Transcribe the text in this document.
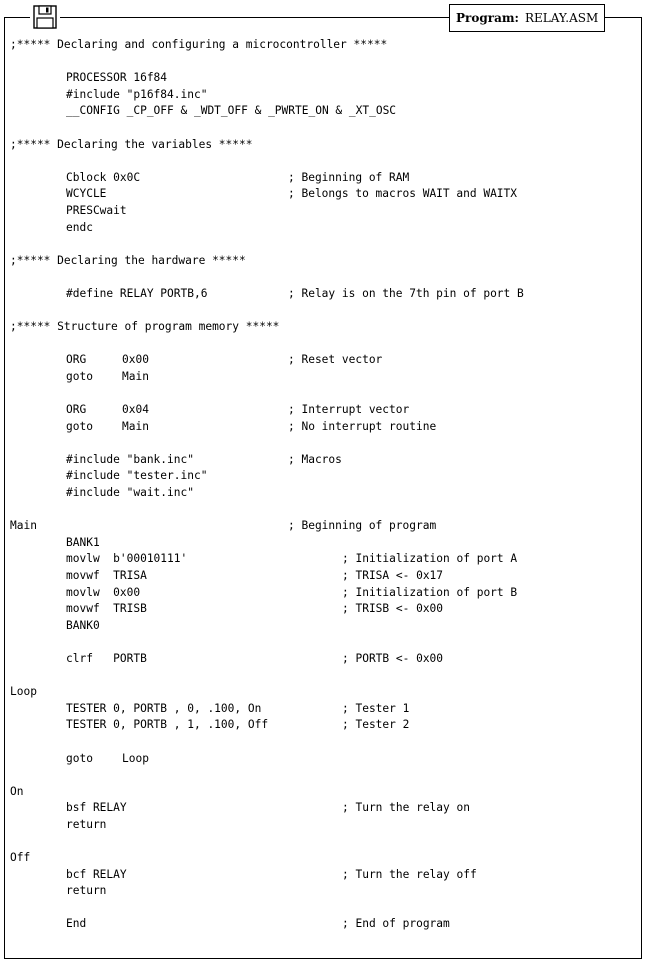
Program: RELAY.ASM
;***** Declaring and configuring a microcontroller *****
PROCESSOR 16f84
#include "p16f84.inc"
__CONFIG _CP_OFF & _WDT_OFF & _PWRTE_ON & _XT_OSC
;***** Declaring the variables *****
Cblock 0x0C	; Beginning of RAM
WCYCLE	; Belongs to macros WAIT and WAITX
PRESCwait
endc
;***** Declaring the hardware *****
#define RELAY PORTB,6	; Relay is on the 7th pin of port B
;***** Structure of program memory *****
ORG	0x00	; Reset vector
goto	Main
ORG	0x04	; Interrupt vector
goto	Main	; No interrupt routine
#include "bank.inc"	; Macros
#include "tester.inc"
#include "wait.inc"
Main	; Beginning of program
BANK1
movlw  b'00010111'	; Initialization of port A
movwf  TRISA	; TRISA <- 0x17
movlw  0x00	; Initialization of port B
movwf  TRISB	; TRISB <- 0x00
BANK0
clrf   PORTB	; PORTB <- 0x00
Loop
TESTER 0, PORTB , 0, .100, On	; Tester 1
TESTER 0, PORTB , 1, .100, Off	; Tester 2
goto	Loop
On
bsf RELAY	; Turn the relay on
return
Off
bcf RELAY	; Turn the relay off
return
End	; End of program
